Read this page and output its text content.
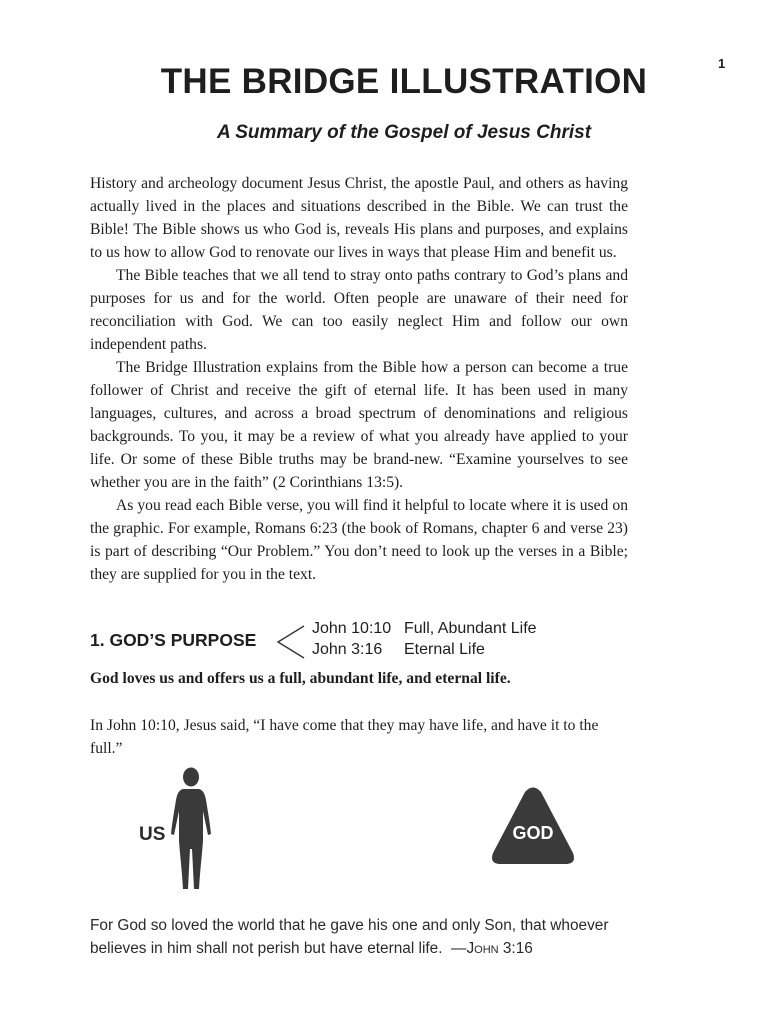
1
THE BRIDGE ILLUSTRATION
A Summary of the Gospel of Jesus Christ

History and archeology document Jesus Christ, the apostle Paul, and others as having actually lived in the places and situations described in the Bible. We can trust the Bible! The Bible shows us who God is, reveals His plans and purposes, and explains to us how to allow God to renovate our lives in ways that please Him and benefit us.

The Bible teaches that we all tend to stray onto paths contrary to God’s plans and purposes for us and for the world. Often people are unaware of their need for reconciliation with God. We can too easily neglect Him and follow our own independent paths.

The Bridge Illustration explains from the Bible how a person can become a true follower of Christ and receive the gift of eternal life. It has been used in many languages, cultures, and across a broad spectrum of denominations and religious backgrounds. To you, it may be a review of what you already have applied to your life. Or some of these Bible truths may be brand-new. “Examine yourselves to see whether you are in the faith” (2 Corinthians 13:5).

As you read each Bible verse, you will find it helpful to locate where it is used on the graphic. For example, Romans 6:23 (the book of Romans, chapter 6 and verse 23) is part of describing “Our Problem.” You don’t need to look up the verses in a Bible; they are supplied for you in the text.

1. GOD’S PURPOSE
John 10:10 Full, Abundant Life
John 3:16 Eternal Life
God loves us and offers us a full, abundant life, and eternal life.

In John 10:10, Jesus said, “I have come that they may have life, and have it to the full.”

US	GOD

For God so loved the world that he gave his one and only Son, that whoever believes in him shall not perish but have eternal life. —John 3:16
